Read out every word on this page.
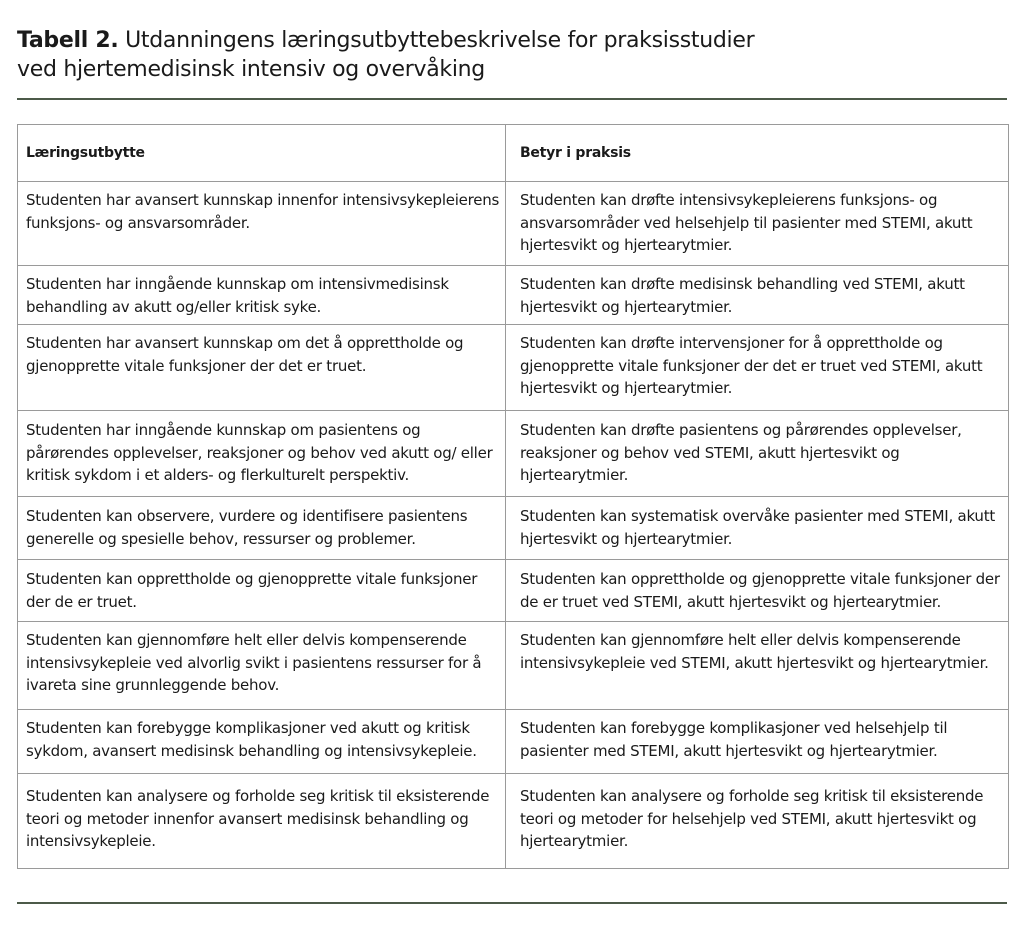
Tabell 2. Utdanningens læringsutbyttebeskrivelse for praksisstudier
ved hjertemedisinsk intensiv og overvåking
Læringsutbytte	Betyr i praksis
Studenten har avansert kunnskap innenfor intensivsykepleierens funksjons- og ansvarsområder.	Studenten kan drøfte intensivsykepleierens funksjons- og ansvarsområder ved helsehjelp til pasienter med STEMI, akutt hjertesvikt og hjertearytmier.
Studenten har inngående kunnskap om intensivmedisinsk behandling av akutt og/eller kritisk syke.	Studenten kan drøfte medisinsk behandling ved STEMI, akutt hjertesvikt og hjertearytmier.
Studenten har avansert kunnskap om det å opprettholde og gjenopprette vitale funksjoner der det er truet.	Studenten kan drøfte intervensjoner for å opprettholde og gjenopprette vitale funksjoner der det er truet ved STEMI, akutt hjertesvikt og hjertearytmier.
Studenten har inngående kunnskap om pasientens og pårørendes opplevelser, reaksjoner og behov ved akutt og/ eller kritisk sykdom i et alders- og flerkulturelt perspektiv.	Studenten kan drøfte pasientens og pårørendes opplevelser, reaksjoner og behov ved STEMI, akutt hjertesvikt og hjertearytmier.
Studenten kan observere, vurdere og identifisere pasientens generelle og spesielle behov, ressurser og problemer.	Studenten kan systematisk overvåke pasienter med STEMI, akutt hjertesvikt og hjertearytmier.
Studenten kan opprettholde og gjenopprette vitale funksjoner der de er truet.	Studenten kan opprettholde og gjenopprette vitale funksjoner der de er truet ved STEMI, akutt hjertesvikt og hjertearytmier.
Studenten kan gjennomføre helt eller delvis kompenserende intensivsykepleie ved alvorlig svikt i pasientens ressurser for å ivareta sine grunnleggende behov.	Studenten kan gjennomføre helt eller delvis kompenserende intensivsykepleie ved STEMI, akutt hjertesvikt og hjertearytmier.
Studenten kan forebygge komplikasjoner ved akutt og kritisk sykdom, avansert medisinsk behandling og intensivsykepleie.	Studenten kan forebygge komplikasjoner ved helsehjelp til pasienter med STEMI, akutt hjertesvikt og hjertearytmier.
Studenten kan analysere og forholde seg kritisk til eksisterende teori og metoder innenfor avansert medisinsk behandling og intensivsykepleie.	Studenten kan analysere og forholde seg kritisk til eksisterende teori og metoder for helsehjelp ved STEMI, akutt hjertesvikt og hjertearytmier.
